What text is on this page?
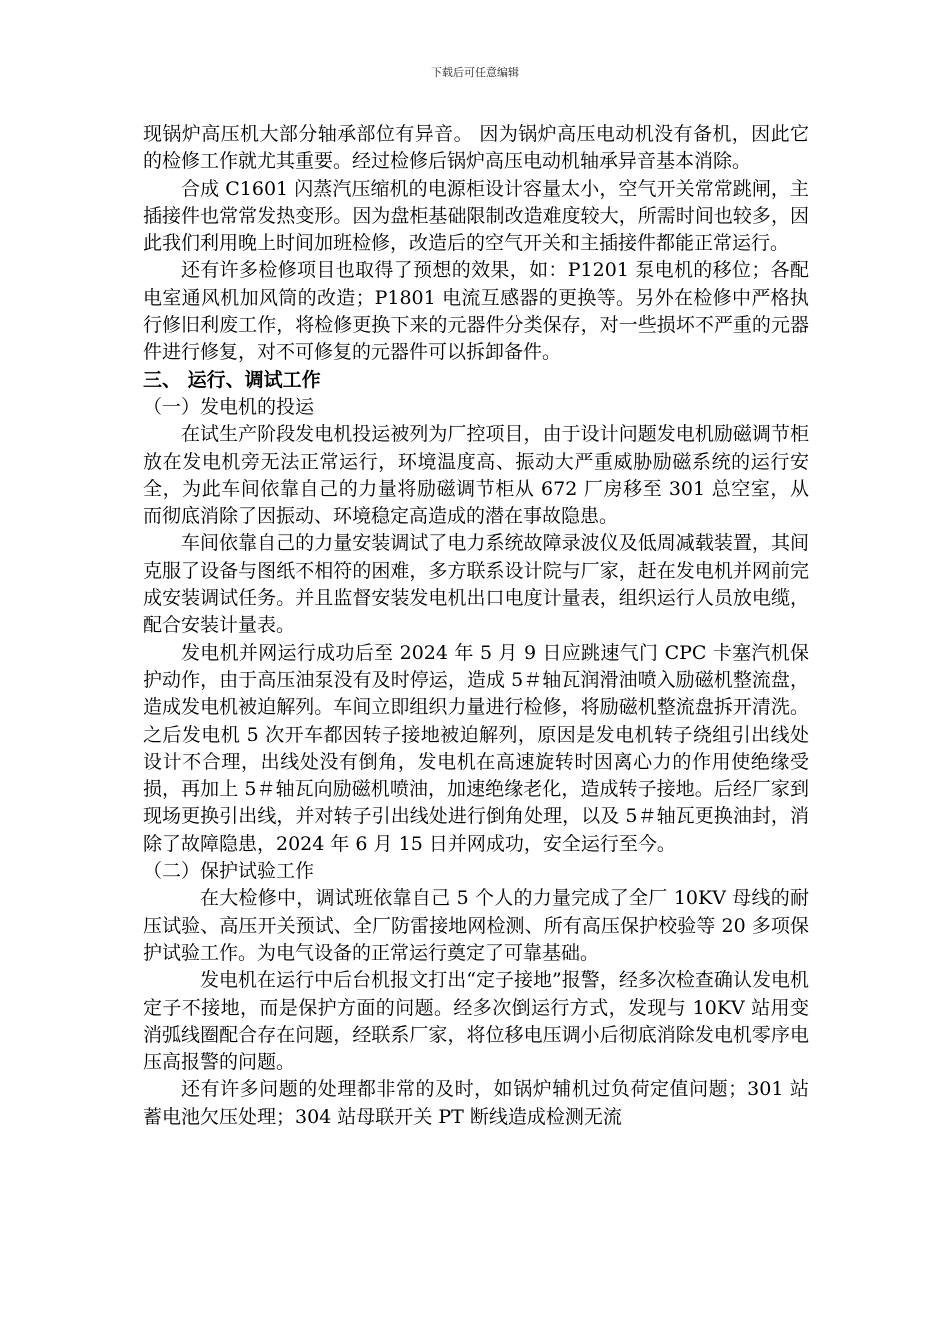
下载后可任意编辑

现锅炉高压机大部分轴承部位有异音。 因为锅炉高压电动机没有备机，因此它的检修工作就尤其重要。经过检修后锅炉高压电动机轴承异音基本消除。

合成 C1601 闪蒸汽压缩机的电源柜设计容量太小，空气开关常常跳闸，主插接件也常常发热变形。因为盘柜基础限制改造难度较大，所需时间也较多，因此我们利用晚上时间加班检修，改造后的空气开关和主插接件都能正常运行。

还有许多检修项目也取得了预想的效果，如：P1201 泵电机的移位；各配电室通风机加风筒的改造；P1801 电流互感器的更换等。另外在检修中严格执行修旧利废工作，将检修更换下来的元器件分类保存，对一些损坏不严重的元器件进行修复，对不可修复的元器件可以拆卸备件。

三、 运行、调试工作

（一）发电机的投运

在试生产阶段发电机投运被列为厂控项目，由于设计问题发电机励磁调节柜放在发电机旁无法正常运行，环境温度高、振动大严重威胁励磁系统的运行安全，为此车间依靠自己的力量将励磁调节柜从 672 厂房移至 301 总空室，从而彻底消除了因振动、环境稳定高造成的潜在事故隐患。

车间依靠自己的力量安装调试了电力系统故障录波仪及低周减载装置，其间克服了设备与图纸不相符的困难，多方联系设计院与厂家，赶在发电机并网前完成安装调试任务。并且监督安装发电机出口电度计量表，组织运行人员放电缆，配合安装计量表。

发电机并网运行成功后至 2024 年 5 月 9 日应跳速气门 CPC 卡塞汽机保护动作，由于高压油泵没有及时停运，造成 5＃轴瓦润滑油喷入励磁机整流盘，造成发电机被迫解列。车间立即组织力量进行检修，将励磁机整流盘拆开清洗。之后发电机 5 次开车都因转子接地被迫解列，原因是发电机转子绕组引出线处设计不合理，出线处没有倒角，发电机在高速旋转时因离心力的作用使绝缘受损，再加上 5＃轴瓦向励磁机喷油，加速绝缘老化，造成转子接地。后经厂家到现场更换引出线，并对转子引出线处进行倒角处理，以及 5＃轴瓦更换油封，消除了故障隐患，2024 年 6 月 15 日并网成功，安全运行至今。

（二）保护试验工作

在大检修中，调试班依靠自己 5 个人的力量完成了全厂 10KV 母线的耐压试验、高压开关预试、全厂防雷接地网检测、所有高压保护校验等 20 多项保护试验工作。为电气设备的正常运行奠定了可靠基础。

发电机在运行中后台机报文打出“定子接地”报警，经多次检查确认发电机定子不接地，而是保护方面的问题。经多次倒运行方式，发现与 10KV 站用变消弧线圈配合存在问题，经联系厂家，将位移电压调小后彻底消除发电机零序电压高报警的问题。

还有许多问题的处理都非常的及时，如锅炉辅机过负荷定值问题；301 站蓄电池欠压处理；304 站母联开关 PT 断线造成检测无流
